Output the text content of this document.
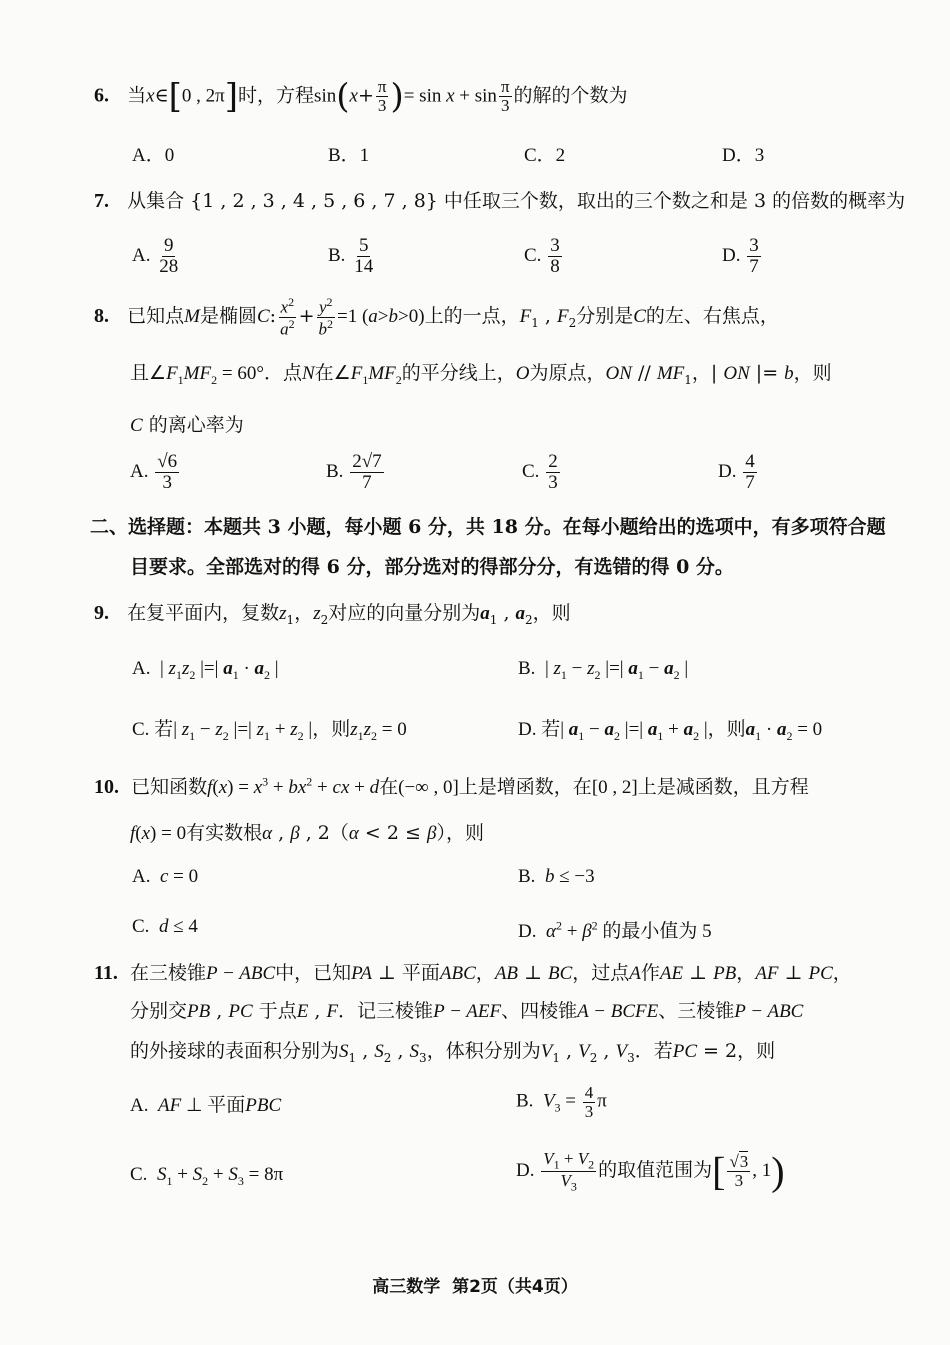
6. 当x∈[0 , 2π]时，方程$\sin(x+ \frac{\pi}{3}$ )= $\sin x + \sin \frac{\pi}{3}$ 的解的个数为
A．0	B．1	C．2	D．3
7. 从集合 {1 , 2 , 3 , 4 , 5 , 6 , 7 , 8} 中任取三个数，取出的三个数之和是 3 的倍数的概率为
A. $\frac{9}{28}$	B. $\frac{5}{14}$	C. $\frac{3}{8}$	D. $\frac{3}{7}$
8. 已知点M是椭圆C: $\frac{x^2}{a^2} + \frac{y^2}{b^2} =1$ (a>b>0)上的一点，$F_1$ , $F_2$分别是C的左、右焦点，
且$\angle F_1MF_2 = 60^\circ$．点N在$\angle F_1MF_2$的平分线上，O为原点，ON // $MF_1$，| ON |= b，则
C 的离心率为
A. $\frac{√6}{3}$	B. $\frac{2√7}{7}$	C. $\frac{2}{3}$	D. $\frac{4}{7}$
二、选择题：本题共 3 小题，每小题 6 分，共 18 分。在每小题给出的选项中，有多项符合题
目要求。全部选对的得 6 分，部分选对的得部分分，有选错的得 0 分。
9. 在复平面内，复数$z_1$，$z_2$对应的向量分别为$a_1$ , $a_2$，则
A.  | $z_1z_2$ |=| $a_1 \cdot a_2$ |	B.  | $z_1 - z_2$ |=| $a_1 - a_2$ |
C. 若| $z_1 - z_2$ |=| $z_1 + z_2$ |，则$z_1z_2 = 0$	D. 若| $a_1 - a_2$ |=| $a_1 + a_2$ |，则$a_1 \cdot a_2 = 0$
10. 已知函数$f(x) = x^3 + bx^2$ + cx + d在(−∞ , 0]上是增函数，在[0 , 2]上是减函数，且方程
f(x) = 0有实数根α , β , 2（α < 2 ≤ β），则
A. c = 0	B. b ≤ −3
C. d ≤ 4	D. $\alpha^2 + \beta^2$ 的最小值为 5
11. 在三棱锥P − ABC中，已知PA ⊥ 平面ABC，AB ⊥ BC，过点A作AE ⊥ PB，AF ⊥ PC，
分别交PB , PC 于点E , F．记三棱锥P − AEF、四棱锥A − BCFE、三棱锥P − ABC
的外接球的表面积分别为$S_1$ , $S_2$ , $S_3$，体积分别为$V_1$ , $V_2$ , $V_3$．若PC = 2，则
A. AF ⊥ 平面PBC	B. $V_3 = \frac{4}{3}$ π
C. $S_1 + S_2 + S_3 = 8\pi$	D. $\frac{V_1 + V_2}{V_3}$ 的取值范围为[ $\frac{√3}{3}$ , 1)
高三数学  第2页（共4页）
